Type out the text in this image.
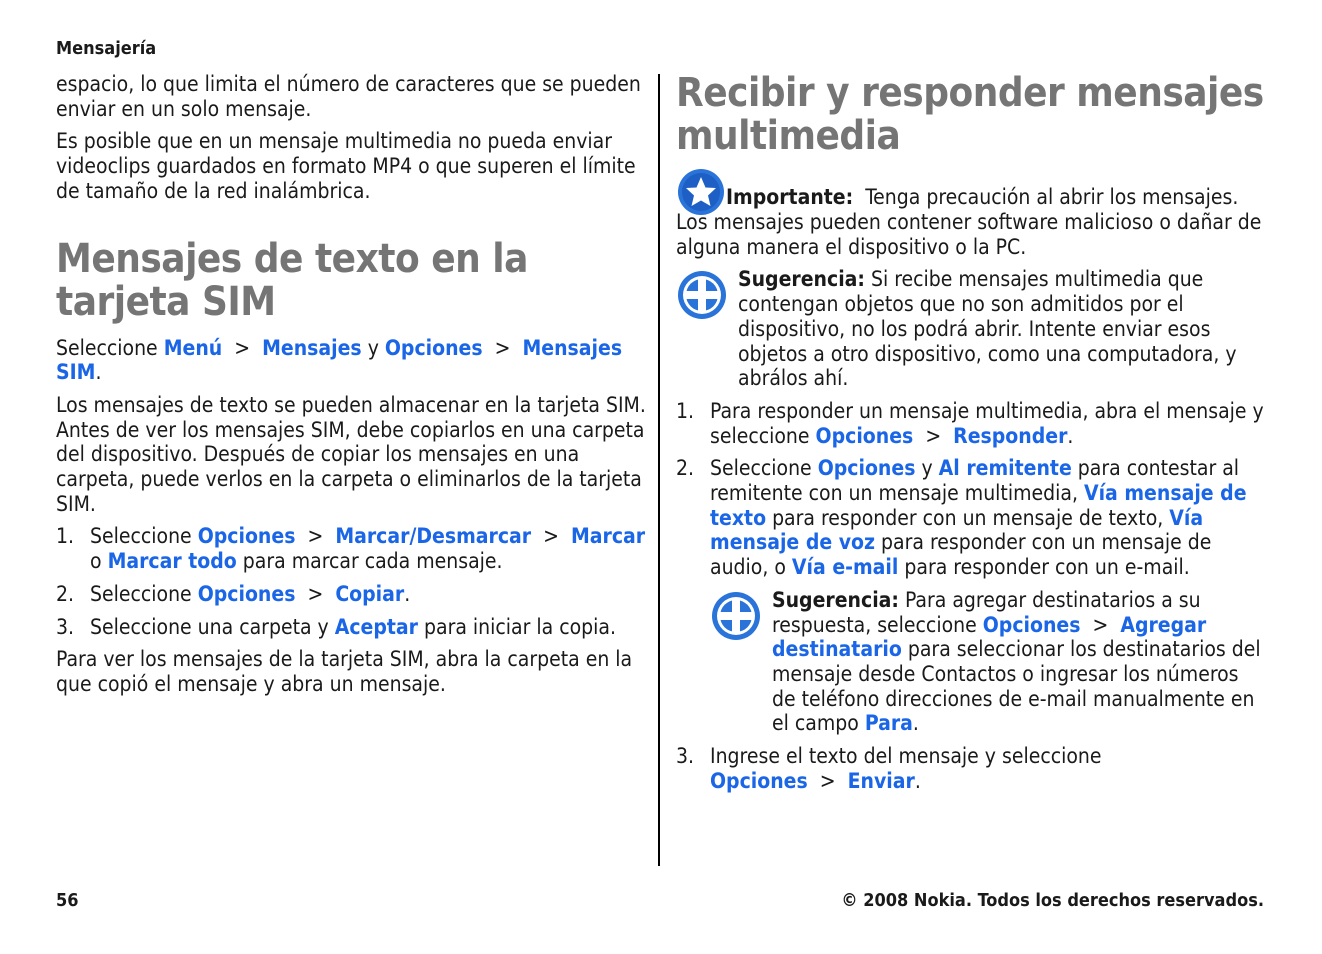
Mensajería

espacio, lo que limita el número de caracteres que se pueden enviar en un solo mensaje.

Es posible que en un mensaje multimedia no pueda enviar videoclips guardados en formato MP4 o que superen el límite de tamaño de la red inalámbrica.

Mensajes de texto en la tarjeta SIM

Seleccione Menú > Mensajes y Opciones > Mensajes SIM.

Los mensajes de texto se pueden almacenar en la tarjeta SIM. Antes de ver los mensajes SIM, debe copiarlos en una carpeta del dispositivo. Después de copiar los mensajes en una carpeta, puede verlos en la carpeta o eliminarlos de la tarjeta SIM.

1. Seleccione Opciones > Marcar/Desmarcar > Marcar o Marcar todo para marcar cada mensaje.
2. Seleccione Opciones > Copiar.
3. Seleccione una carpeta y Aceptar para iniciar la copia.

Para ver los mensajes de la tarjeta SIM, abra la carpeta en la que copió el mensaje y abra un mensaje.

Recibir y responder mensajes multimedia

Importante: Tenga precaución al abrir los mensajes. Los mensajes pueden contener software malicioso o dañar de alguna manera el dispositivo o la PC.

Sugerencia: Si recibe mensajes multimedia que contengan objetos que no son admitidos por el dispositivo, no los podrá abrir. Intente enviar esos objetos a otro dispositivo, como una computadora, y abrálos ahí.

1. Para responder un mensaje multimedia, abra el mensaje y seleccione Opciones > Responder.
2. Seleccione Opciones y Al remitente para contestar al remitente con un mensaje multimedia, Vía mensaje de texto para responder con un mensaje de texto, Vía mensaje de voz para responder con un mensaje de audio, o Vía e-mail para responder con un e-mail.

Sugerencia: Para agregar destinatarios a su respuesta, seleccione Opciones > Agregar destinatario para seleccionar los destinatarios del mensaje desde Contactos o ingresar los números de teléfono direcciones de e-mail manualmente en el campo Para.

3. Ingrese el texto del mensaje y seleccione Opciones > Enviar.
56	© 2008 Nokia. Todos los derechos reservados.
